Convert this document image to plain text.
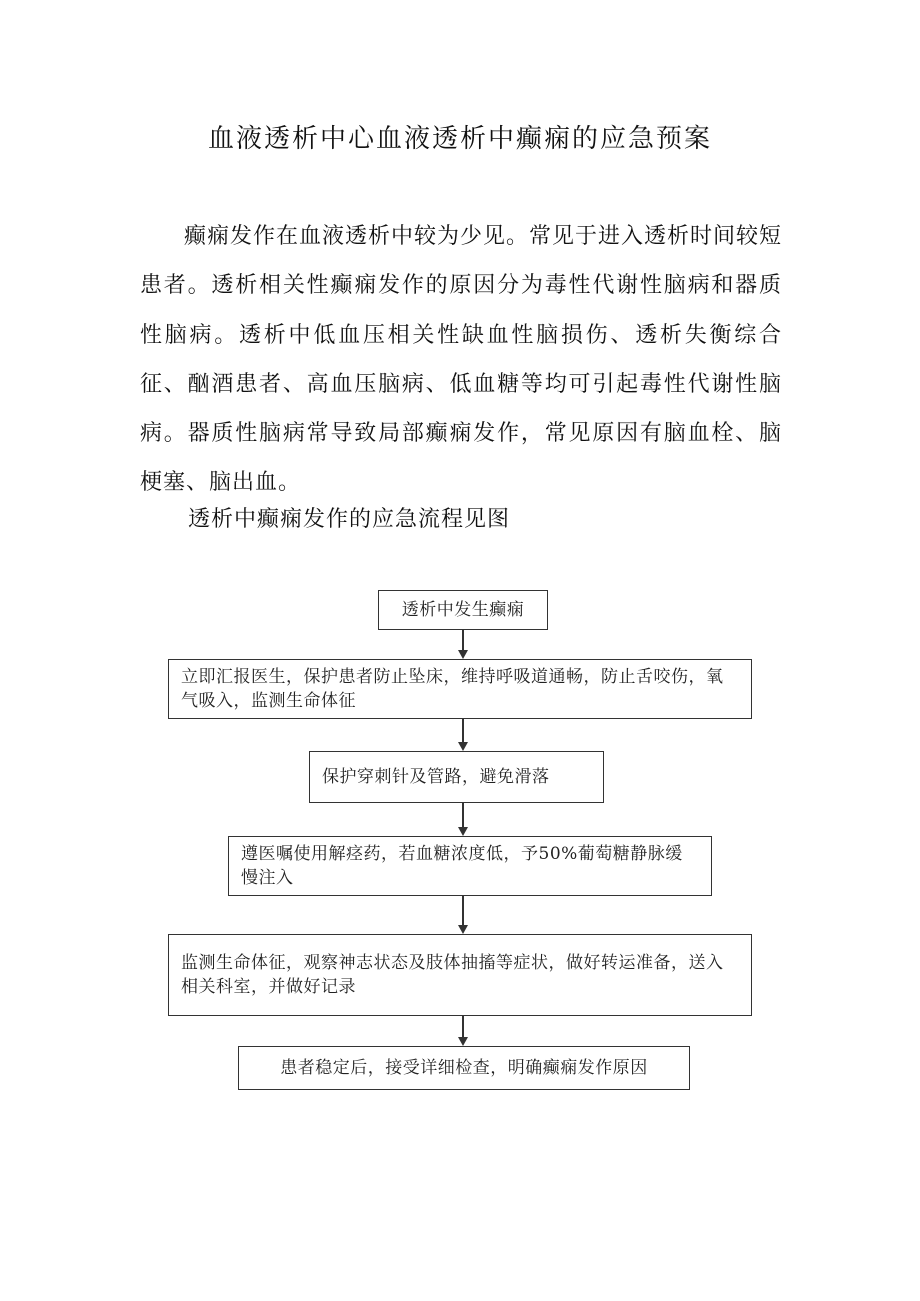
血液透析中心血液透析中癫痫的应急预案

癫痫发作在血液透析中较为少见。常见于进入透析时间较短患者。透析相关性癫痫发作的原因分为毒性代谢性脑病和器质性脑病。透析中低血压相关性缺血性脑损伤、透析失衡综合征、酗酒患者、高血压脑病、低血糖等均可引起毒性代谢性脑病。器质性脑病常导致局部癫痫发作，常见原因有脑血栓、脑梗塞、脑出血。

透析中癫痫发作的应急流程见图

透析中发生癫痫
立即汇报医生，保护患者防止坠床，维持呼吸道通畅，防止舌咬伤，氧气吸入，监测生命体征
保护穿刺针及管路，避免滑落
遵医嘱使用解痉药，若血糖浓度低，予50%葡萄糖静脉缓慢注入
监测生命体征，观察神志状态及肢体抽搐等症状，做好转运准备，送入相关科室，并做好记录
患者稳定后，接受详细检查，明确癫痫发作原因
